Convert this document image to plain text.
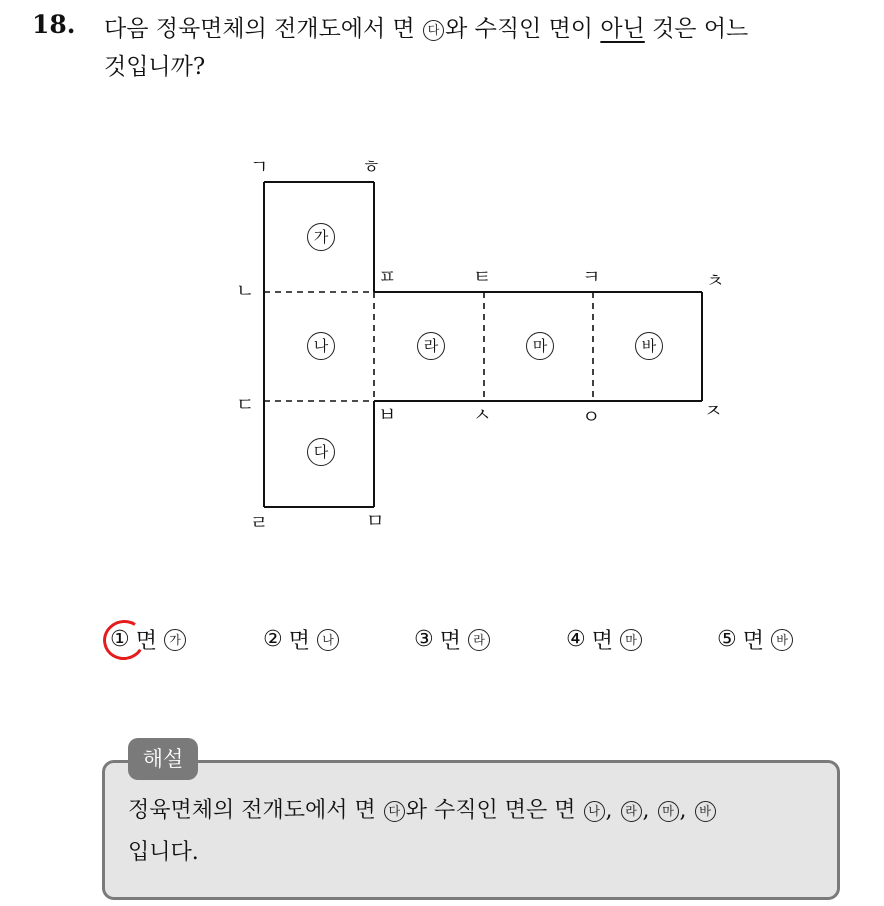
18. 다음 정육면체의 전개도에서 면 다 와 수직인 면이 아닌 것은 어느
것입니까?
ㄱ	ㅎ
ㄴ
ㅍ	ㅌ	ㅋ	ㅊ
ㄷ	ㅂ	ㅅ	ㅇ	ㅈ
ㄹ	ㅁ
가
나
다
라	마	바
① 면	가	② 면	나	③ 면	라	④ 면	마	⑤ 면	바
해설
정육면체의 전개도에서 면 다 와 수직인 면은 면 나 , 라 , 마 , 바
입니다.
